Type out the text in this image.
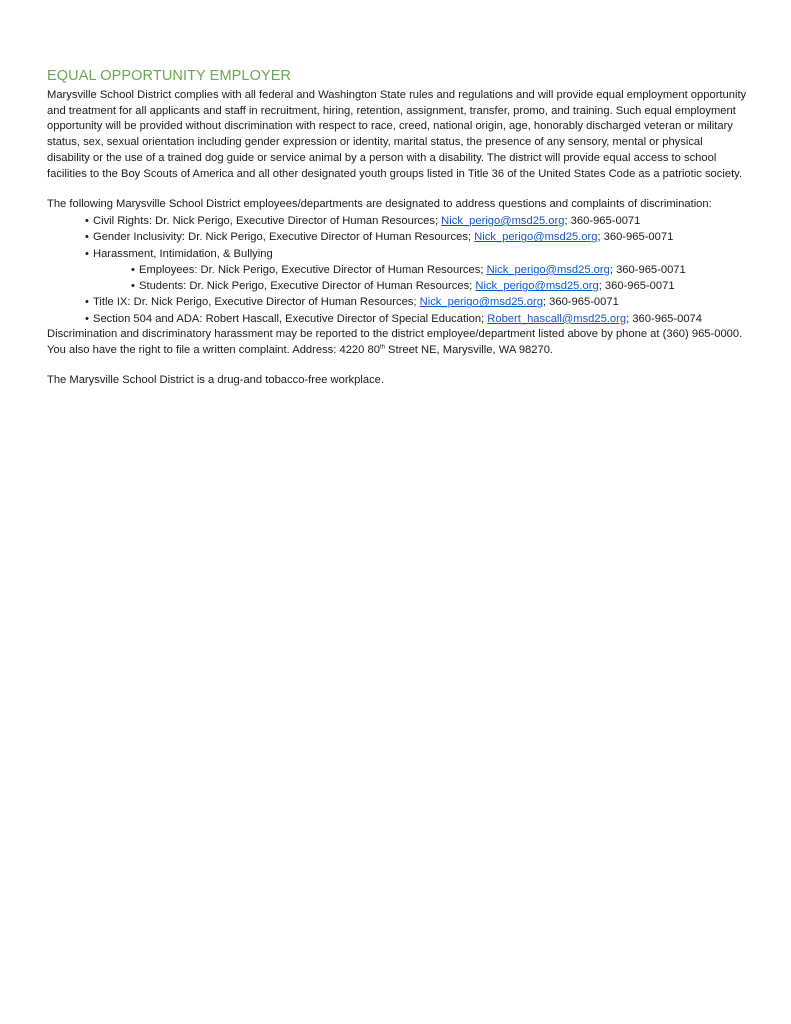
EQUAL OPPORTUNITY EMPLOYER

Marysville School District complies with all federal and Washington State rules and regulations and will provide equal employment opportunity and treatment for all applicants and staff in recruitment, hiring, retention, assignment, transfer, promo, and training. Such equal employment opportunity will be provided without discrimination with respect to race, creed, national origin, age, honorably discharged veteran or military status, sex, sexual orientation including gender expression or identity, marital status, the presence of any sensory, mental or physical disability or the use of a trained dog guide or service animal by a person with a disability. The district will provide equal access to school facilities to the Boy Scouts of America and all other designated youth groups listed in Title 36 of the United States Code as a patriotic society.

The following Marysville School District employees/departments are designated to address questions and complaints of discrimination:

• Civil Rights: Dr. Nick Perigo, Executive Director of Human Resources; Nick_perigo@msd25.org; 360-965-0071
• Gender Inclusivity: Dr. Nick Perigo, Executive Director of Human Resources; Nick_perigo@msd25.org; 360-965-0071
• Harassment, Intimidation, & Bullying
• Employees: Dr. Nick Perigo, Executive Director of Human Resources; Nick_perigo@msd25.org; 360-965-0071
• Students: Dr. Nick Perigo, Executive Director of Human Resources; Nick_perigo@msd25.org; 360-965-0071
• Title IX: Dr. Nick Perigo, Executive Director of Human Resources; Nick_perigo@msd25.org; 360-965-0071
• Section 504 and ADA: Robert Hascall, Executive Director of Special Education; Robert_hascall@msd25.org; 360-965-0074

Discrimination and discriminatory harassment may be reported to the district employee/department listed above by phone at (360) 965-0000. You also have the right to file a written complaint. Address: 4220 80th Street NE, Marysville, WA 98270.

The Marysville School District is a drug-and tobacco-free workplace.
